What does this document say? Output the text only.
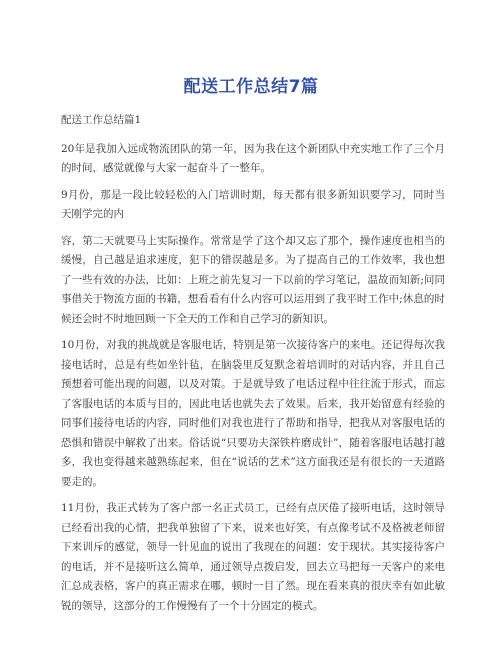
配送工作总结7篇

配送工作总结篇1

20年是我加入远成物流团队的第一年，因为我在这个新团队中充实地工作了三个月的时间，感觉就像与大家一起奋斗了一整年。

9月份，那是一段比较轻松的入门培训时期，每天都有很多新知识要学习，同时当天刚学完的内

容，第二天就要马上实际操作。常常是学了这个却又忘了那个，操作速度也相当的缓慢，自己越是追求速度，犯下的错误越是多。为了提高自己的工作效率，我也想了一些有效的办法，比如：上班之前先复习一下以前的学习笔记，温故而知新;问同事借关于物流方面的书籍，想看看有什么内容可以运用到了我平时工作中;休息的时候还会时不时地回顾一下全天的工作和自己学习的新知识。

10月份，对我的挑战就是客服电话，特别是第一次接待客户的来电。还记得每次我接电话时，总是有些如坐针毡，在脑袋里反复默念着培训时的对话内容，并且自己预想着可能出现的问题，以及对策。于是就导致了电话过程中往往流于形式，而忘了客服电话的本质与目的，因此电话也就失去了效果。后来，我开始留意有经验的同事们接待电话的内容，同时他们对我也进行了帮助和指导，把我从对客服电话的恐惧和错误中解救了出来。俗话说“只要功夫深铁杵磨成针”，随着客服电话越打越多，我也变得越来越熟练起来，但在“说话的艺术”这方面我还是有很长的一天道路要走的。

11月份，我正式转为了客户部一名正式员工，已经有点厌倦了接听电话，这时领导已经看出我的心情，把我单独留了下来，说来也好笑，有点像考试不及格被老师留下来训斥的感觉，领导一针见血的说出了我现在的问题：安于现状。其实接待客户的电话，并不是接听这么简单，通过领导点拨启发，回去立马把每一天客户的来电汇总成表格，客户的真正需求在哪，顿时一目了然。现在看来真的很庆幸有如此敏锐的领导，这部分的工作慢慢有了一个十分固定的模式。
